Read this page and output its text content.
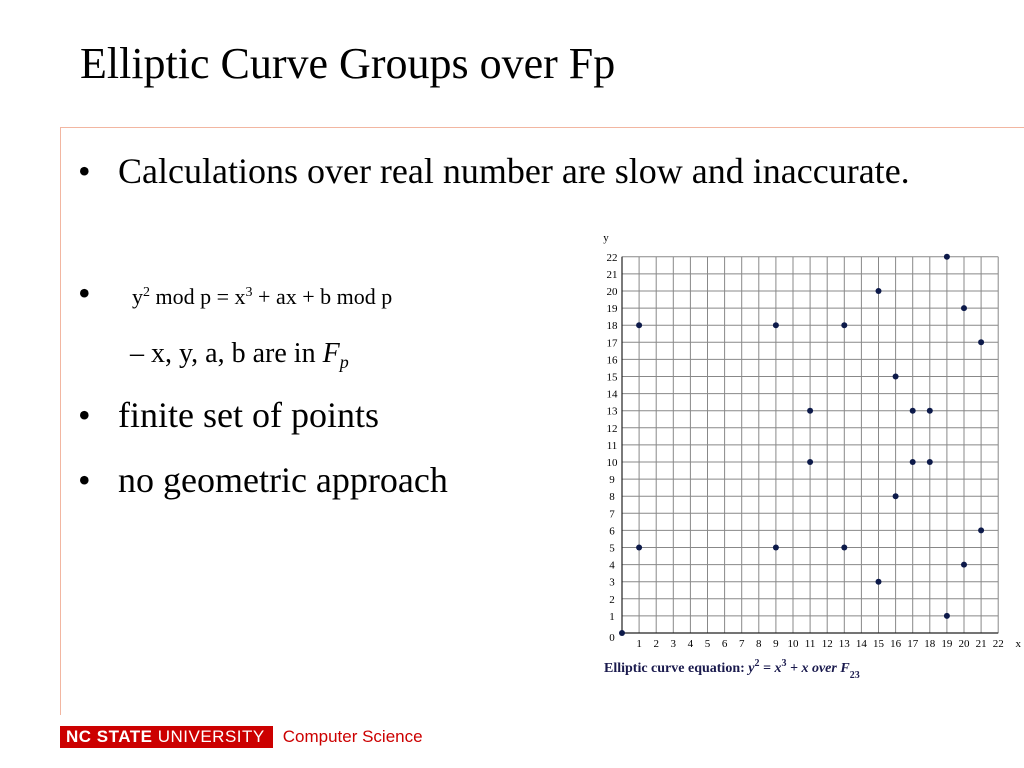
Elliptic Curve Groups over Fp
• Calculations over real number are slow and inaccurate.
• $y^2$ mod $p = x^3$ + ax + b mod p
– x, y, a, b are in $F_p$
• finite set of points
• no geometric approach
1 2 3 4 5 6 7 8 9 10 11 12 13 14 15 16 17 18 19 20 21 22
1
2
3
4
5
6
7
8
9
10
11
12
13
14
15
16
17
18
19
20
21
22
0
y
x
Elliptic curve equation: $y^2 = x^3 + x$ over $F_{23}$
NC STATE UNIVERSITY	Computer Science
